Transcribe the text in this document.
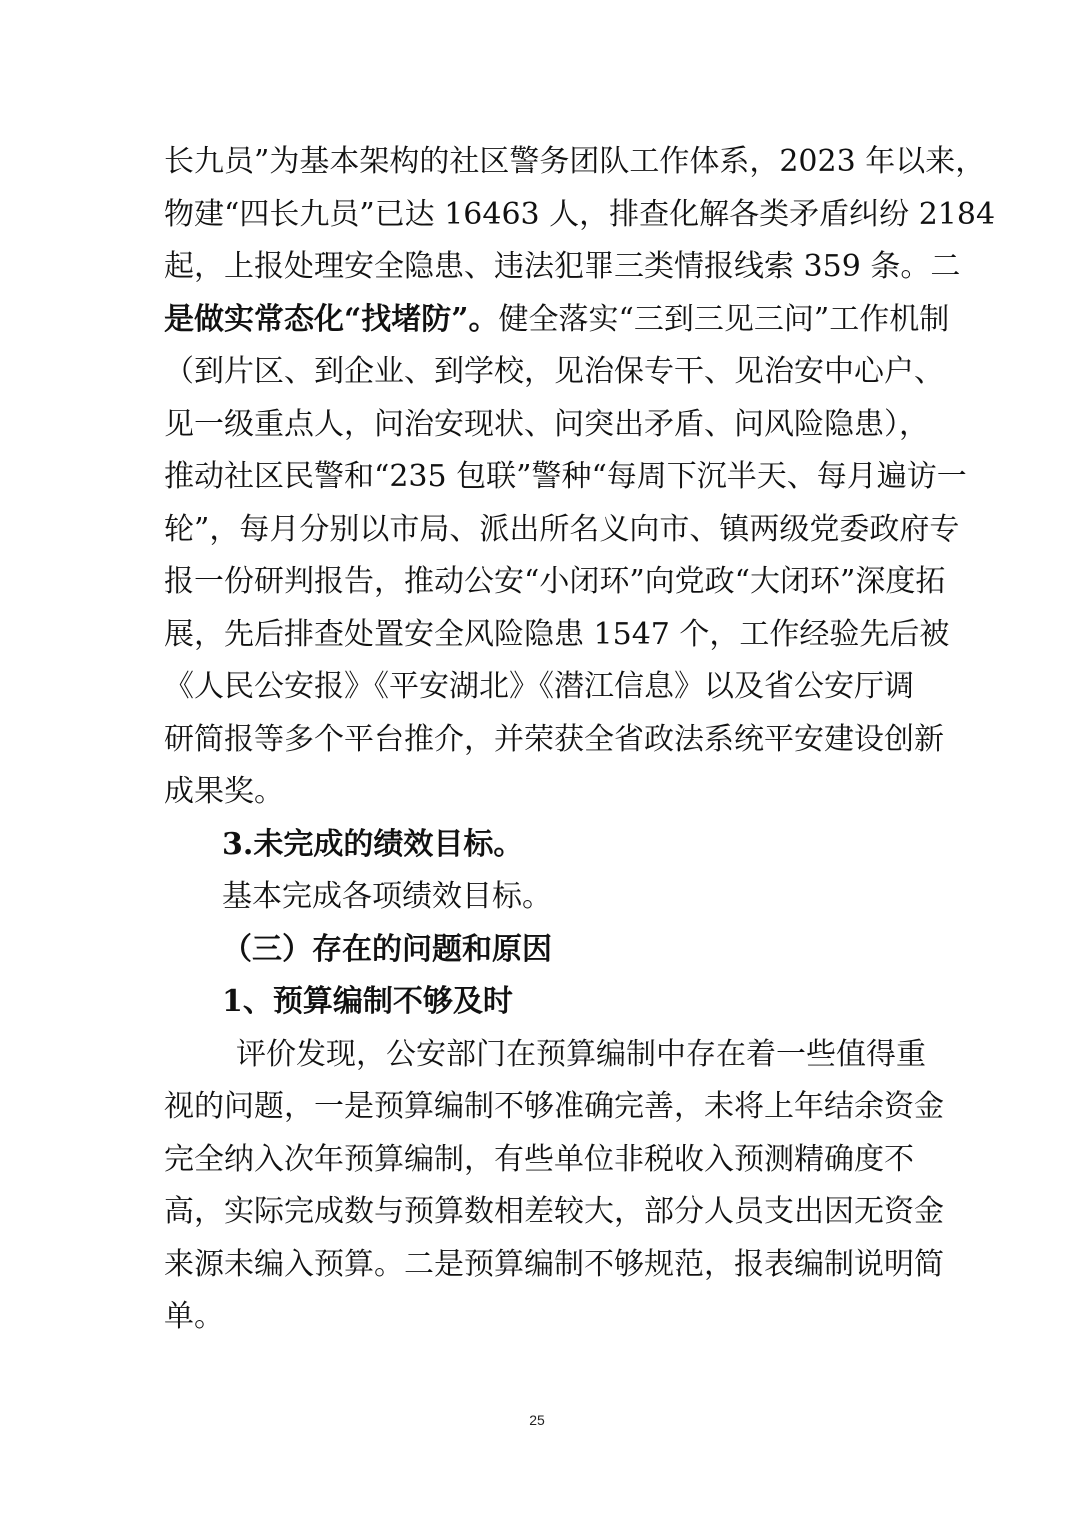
长九员”为基本架构的社区警务团队工作体系，2023 年以来，
物建“四长九员”已达 16463 人，排查化解各类矛盾纠纷 2184
起，上报处理安全隐患、违法犯罪三类情报线索 359 条。二
是做实常态化“找堵防”。健全落实“三到三见三问”工作机制
（到片区、到企业、到学校，见治保专干、见治安中心户、
见一级重点人，问治安现状、问突出矛盾、问风险隐患），
推动社区民警和“235 包联”警种“每周下沉半天、每月遍访一
轮”，每月分别以市局、派出所名义向市、镇两级党委政府专
报一份研判报告，推动公安“小闭环”向党政“大闭环”深度拓
展，先后排查处置安全风险隐患 1547 个，工作经验先后被
《人民公安报》《平安湖北》《潜江信息》以及省公安厅调
研简报等多个平台推介，并荣获全省政法系统平安建设创新
成果奖。
3.未完成的绩效目标。
基本完成各项绩效目标。
（三）存在的问题和原因
1、预算编制不够及时
评价发现，公安部门在预算编制中存在着一些值得重
视的问题，一是预算编制不够准确完善，未将上年结余资金
完全纳入次年预算编制，有些单位非税收入预测精确度不
高，实际完成数与预算数相差较大，部分人员支出因无资金
来源未编入预算。二是预算编制不够规范，报表编制说明简
单。
25
